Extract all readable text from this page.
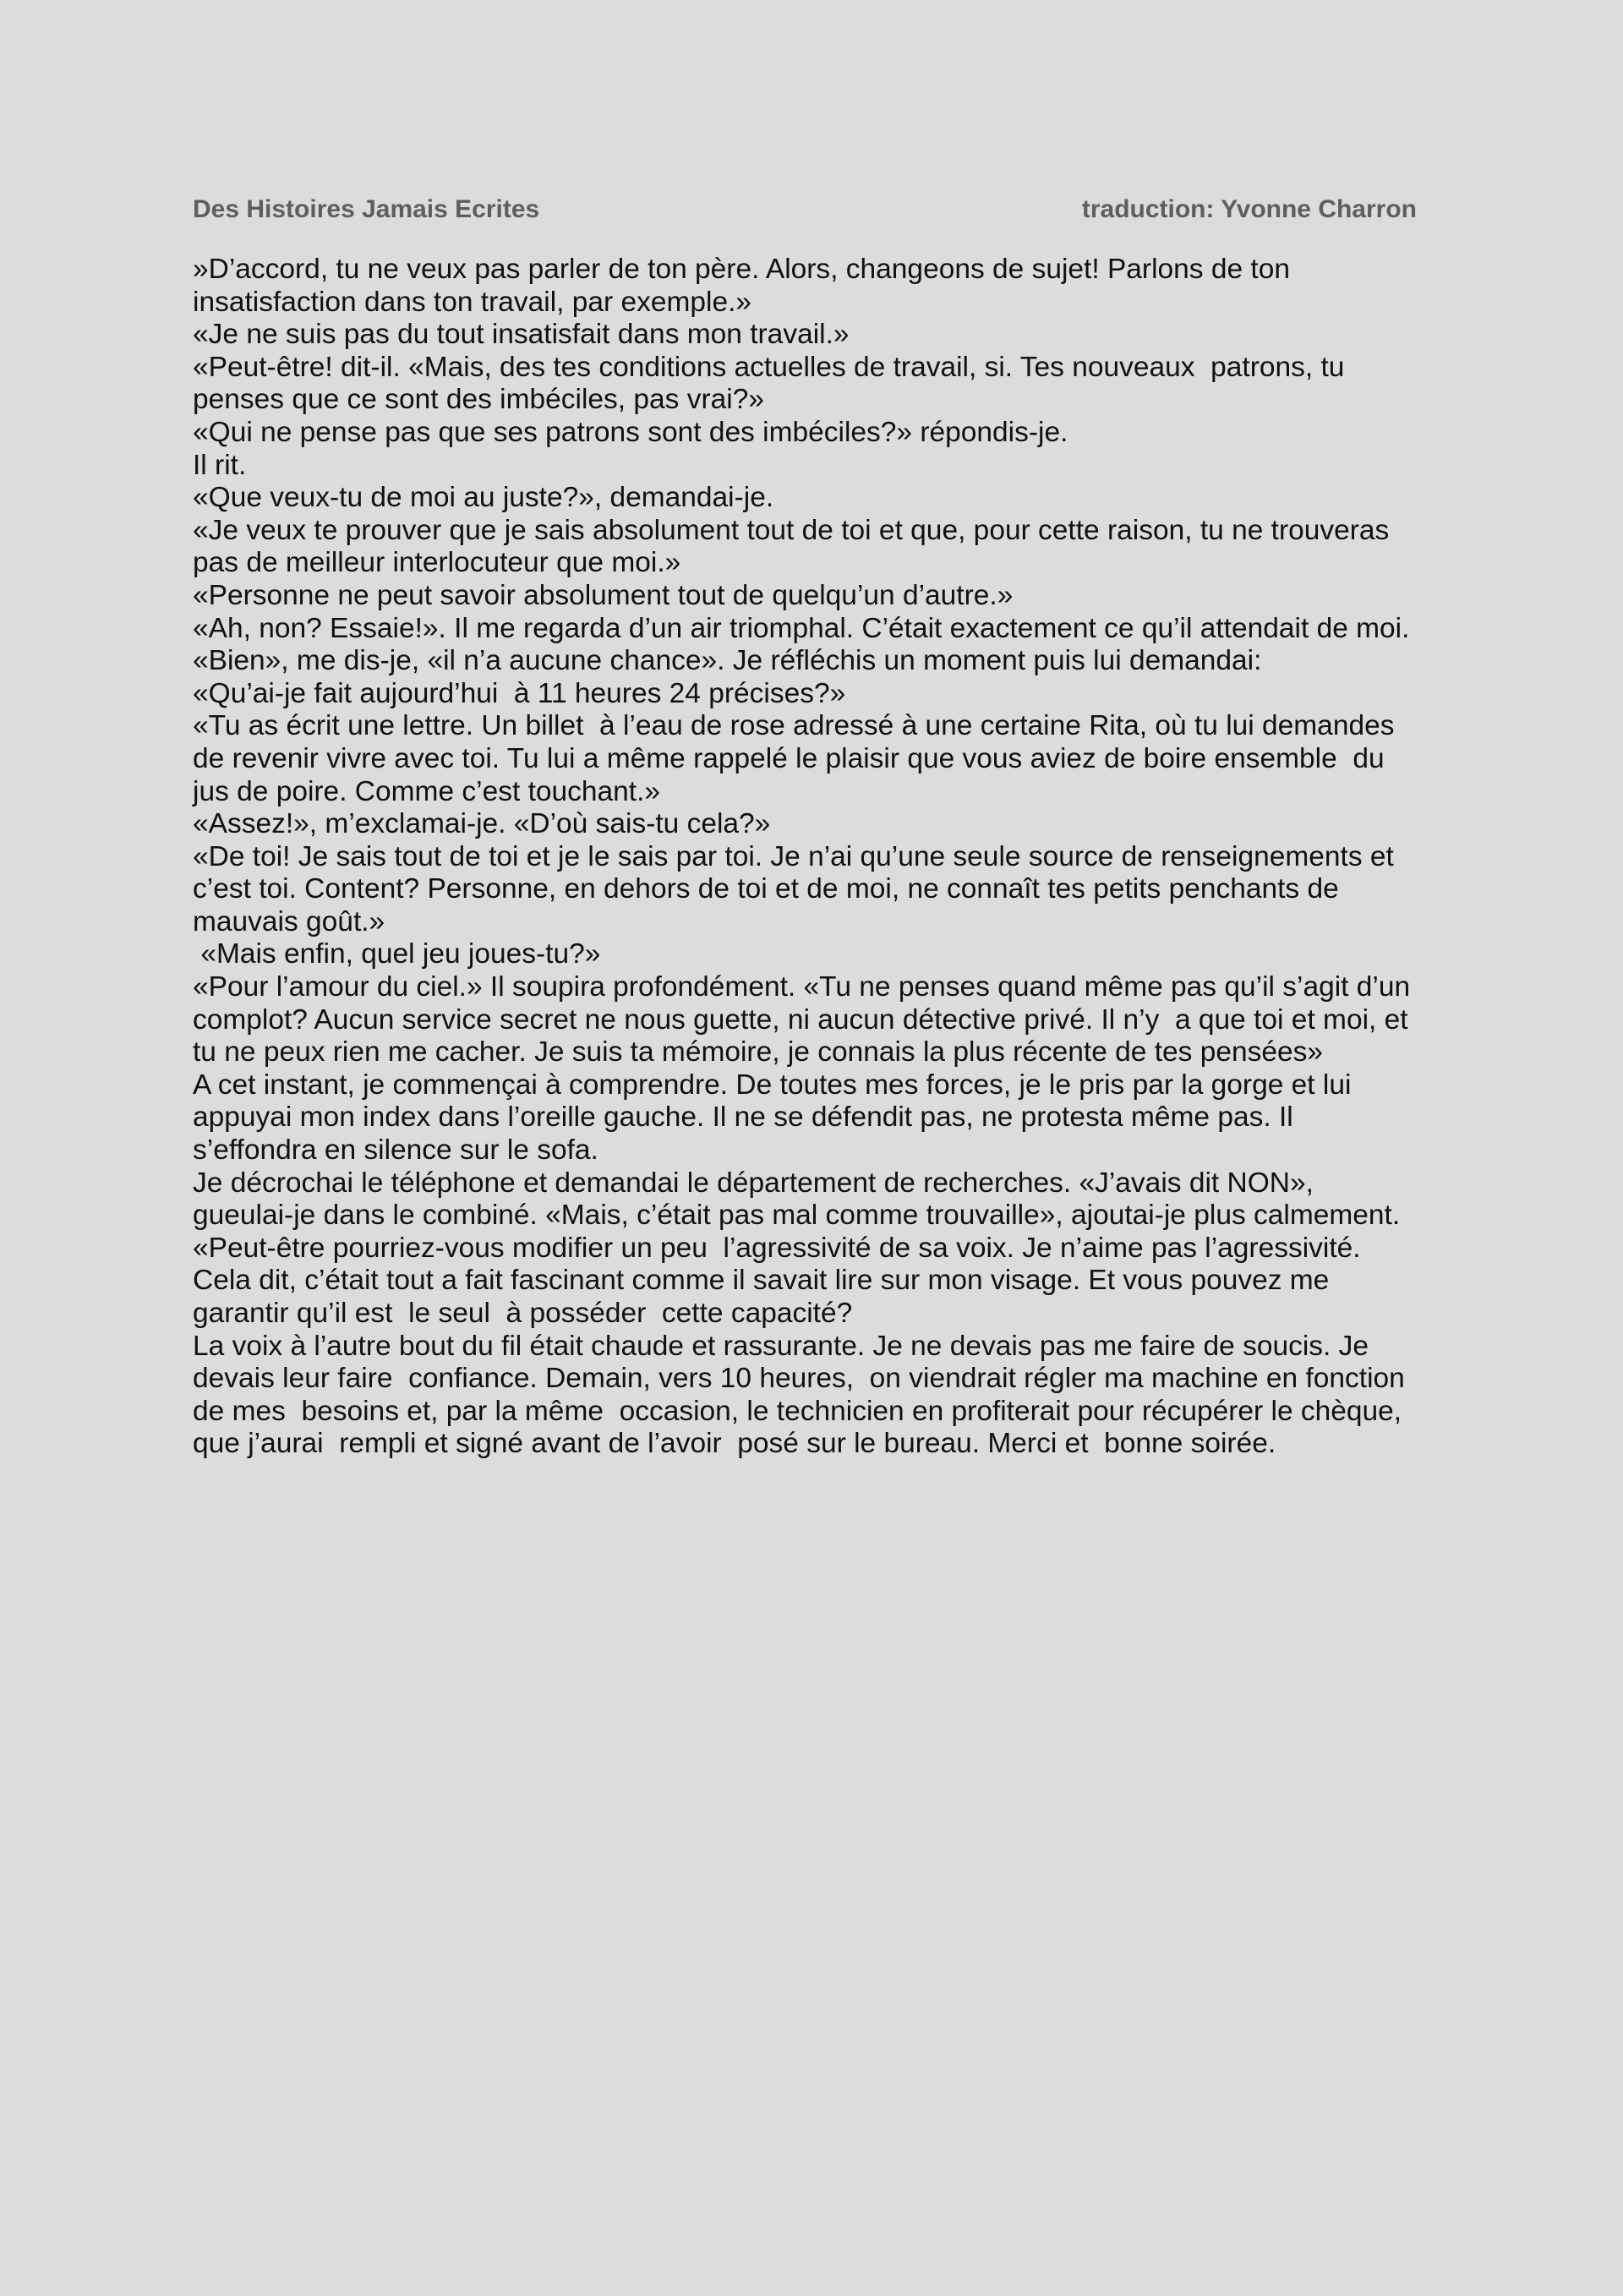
Des Histoires Jamais Ecrites	traduction: Yvonne Charron

»D’accord, tu ne veux pas parler de ton père. Alors, changeons de sujet! Parlons de ton insatisfaction dans ton travail, par exemple.»

«Je ne suis pas du tout insatisfait dans mon travail.»

«Peut-être! dit-il. «Mais, des tes conditions actuelles de travail, si. Tes nouveaux  patrons, tu penses que ce sont des imbéciles, pas vrai?»

«Qui ne pense pas que ses patrons sont des imbéciles?» répondis-je.

Il rit.

«Que veux-tu de moi au juste?», demandai-je.

«Je veux te prouver que je sais absolument tout de toi et que, pour cette raison, tu ne trouveras pas de meilleur interlocuteur que moi.»

«Personne ne peut savoir absolument tout de quelqu’un d’autre.»

«Ah, non? Essaie!». Il me regarda d’un air triomphal. C’était exactement ce qu’il attendait de moi. «Bien», me dis-je, «il n’a aucune chance». Je réfléchis un moment puis lui demandai:

«Qu’ai-je fait aujourd’hui  à 11 heures 24 précises?»

«Tu as écrit une lettre. Un billet  à l’eau de rose adressé à une certaine Rita, où tu lui demandes de revenir vivre avec toi. Tu lui a même rappelé le plaisir que vous aviez de boire ensemble  du jus de poire. Comme c’est touchant.»

«Assez!», m’exclamai-je. «D’où sais-tu cela?»

«De toi! Je sais tout de toi et je le sais par toi. Je n’ai qu’une seule source de renseignements et c’est toi. Content? Personne, en dehors de toi et de moi, ne connaît tes petits penchants de mauvais goût.»

«Mais enfin, quel jeu joues-tu?»

«Pour l’amour du ciel.» Il soupira profondément. «Tu ne penses quand même pas qu’il s’agit d’un complot? Aucun service secret ne nous guette, ni aucun détective privé. Il n’y  a que toi et moi, et tu ne peux rien me cacher. Je suis ta mémoire, je connais la plus récente de tes pensées»

A cet instant, je commençai à comprendre. De toutes mes forces, je le pris par la gorge et lui appuyai mon index dans l’oreille gauche. Il ne se défendit pas, ne protesta même pas. Il s’effondra en silence sur le sofa.

Je décrochai le téléphone et demandai le département de recherches. «J’avais dit NON», gueulai-je dans le combiné. «Mais, c’était pas mal comme trouvaille», ajoutai-je plus calmement.  «Peut-être pourriez-vous modifier un peu  l’agressivité de sa voix. Je n’aime pas l’agressivité. Cela dit, c’était tout a fait fascinant comme il savait lire sur mon visage. Et vous pouvez me garantir qu’il est  le seul  à posséder  cette capacité?

La voix à l’autre bout du fil était chaude et rassurante. Je ne devais pas me faire de soucis. Je devais leur faire  confiance. Demain, vers 10 heures,  on viendrait régler ma machine en fonction de mes  besoins et, par la même  occasion, le technicien en profiterait pour récupérer le chèque, que j’aurai  rempli et signé avant de l’avoir  posé sur le bureau. Merci et  bonne soirée.
